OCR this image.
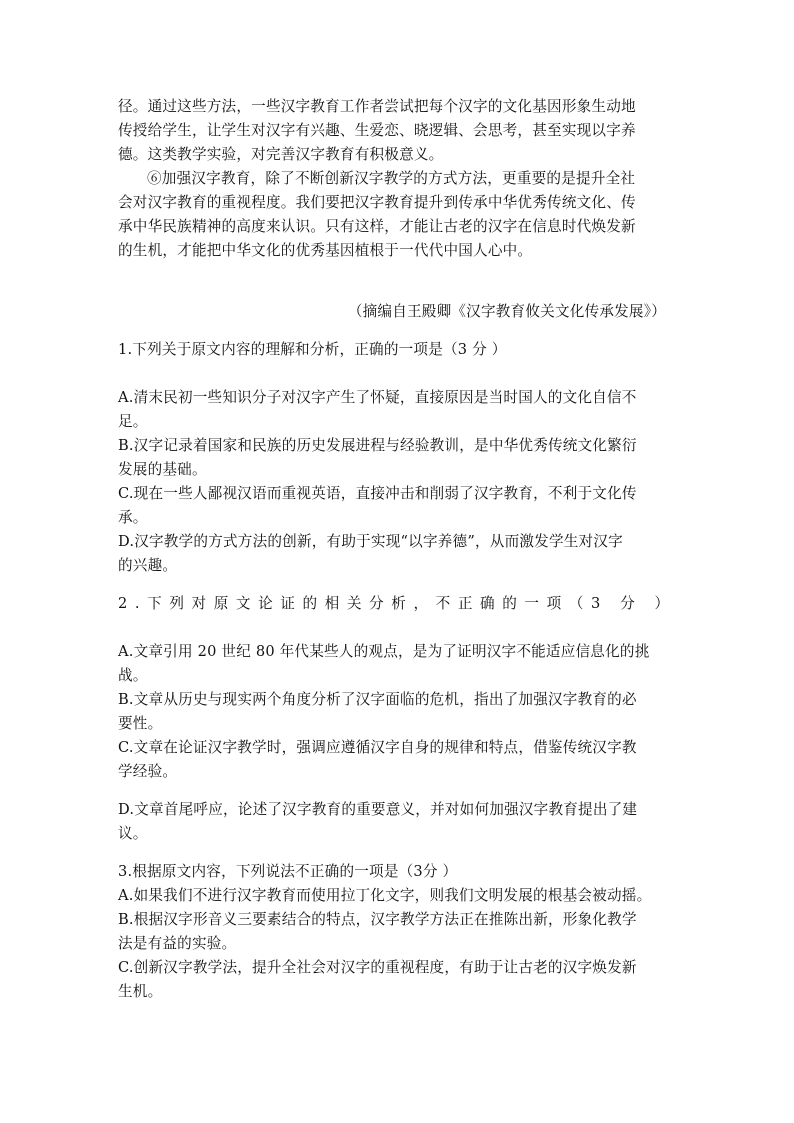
径。通过这些方法，一些汉字教育工作者尝试把每个汉字的文化基因形象生动地
传授给学生，让学生对汉字有兴趣、生爱恋、晓逻辑、会思考，甚至实现以字养
德。这类教学实验，对完善汉字教育有积极意义。

⑥加强汉字教育，除了不断创新汉字教学的方式方法，更重要的是提升全社
会对汉字教育的重视程度。我们要把汉字教育提升到传承中华优秀传统文化、传
承中华民族精神的高度来认识。只有这样，才能让古老的汉字在信息时代焕发新
的生机，才能把中华文化的优秀基因植根于一代代中国人心中。

（摘编自王殿卿《汉字教育攸关文化传承发展》）
1.下列关于原文内容的理解和分析，正确的一项是（3 分 ）
A.清末民初一些知识分子对汉字产生了怀疑，直接原因是当时国人的文化自信不
足。
B.汉字记录着国家和民族的历史发展进程与经验教训，是中华优秀传统文化繁衍
发展的基础。
C.现在一些人鄙视汉语而重视英语，直接冲击和削弱了汉字教育，不利于文化传
承。
D.汉字教学的方式方法的创新，有助于实现“以字养德”，从而激发学生对汉字
的兴趣。
2.下列对原文论证的相关分析，不正确的一项（3 分 ）
A.文章引用 20 世纪 80 年代某些人的观点，是为了证明汉字不能适应信息化的挑
战。
B.文章从历史与现实两个角度分析了汉字面临的危机，指出了加强汉字教育的必
要性。
C.文章在论证汉字教学时，强调应遵循汉字自身的规律和特点，借鉴传统汉字教
学经验。
D.文章首尾呼应，论述了汉字教育的重要意义，并对如何加强汉字教育提出了建
议。
3.根据原文内容，下列说法不正确的一项是（3分 ）
A.如果我们不进行汉字教育而使用拉丁化文字，则我们文明发展的根基会被动摇。
B.根据汉字形音义三要素结合的特点，汉字教学方法正在推陈出新，形象化教学
法是有益的实验。
C.创新汉字教学法，提升全社会对汉字的重视程度，有助于让古老的汉字焕发新
生机。
